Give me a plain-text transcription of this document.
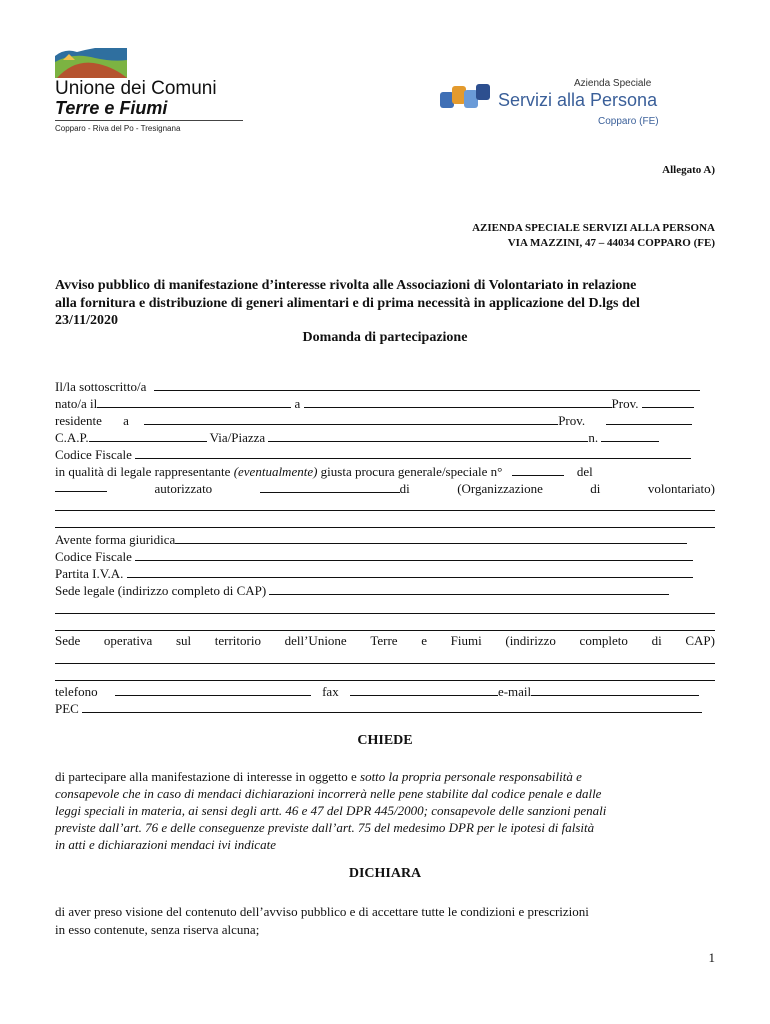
Unione dei Comuni
Terre e Fiumi
Copparo - Riva del Po - Tresignana
Azienda Speciale
Servizi alla Persona
Copparo (FE)
Allegato A)
AZIENDA SPECIALE SERVIZI ALLA PERSONA
VIA MAZZINI, 47 – 44034 COPPARO (FE)
Avviso pubblico di manifestazione d’interesse rivolta alle Associazioni di Volontariato in relazione
alla fornitura e distribuzione di generi alimentari e di prima necessità in applicazione del D.lgs del
23/11/2020
Domanda di partecipazione
Il/la sottoscritto/a
nato/a il	a	Prov.
residente a	Prov.
C.A.P.	Via/Piazza	n.
Codice Fiscale
in qualità di legale rappresentante (eventualmente) giusta procura generale/speciale n°	del
autorizzato	di	(Organizzazione	di	volontariato)
Avente forma giuridica
Codice Fiscale
Partita I.V.A.
Sede legale (indirizzo completo di CAP)
Sede operativa sul territorio dell’Unione Terre e Fiumi (indirizzo completo di CAP)
telefono	fax	e-mail
PEC
CHIEDE
di partecipare alla manifestazione di interesse in oggetto e sotto la propria personale responsabilità e
consapevole che in caso di mendaci dichiarazioni incorrerà nelle pene stabilite dal codice penale e dalle
leggi speciali in materia, ai sensi degli artt. 46 e 47 del DPR 445/2000; consapevole delle sanzioni penali
previste dall’art. 76 e delle conseguenze previste dall’art. 75 del medesimo DPR per le ipotesi di falsità
in atti e dichiarazioni mendaci ivi indicate
DICHIARA
di aver preso visione del contenuto dell’avviso pubblico e di accettare tutte le condizioni e prescrizioni
in esso contenute, senza riserva alcuna;
1
